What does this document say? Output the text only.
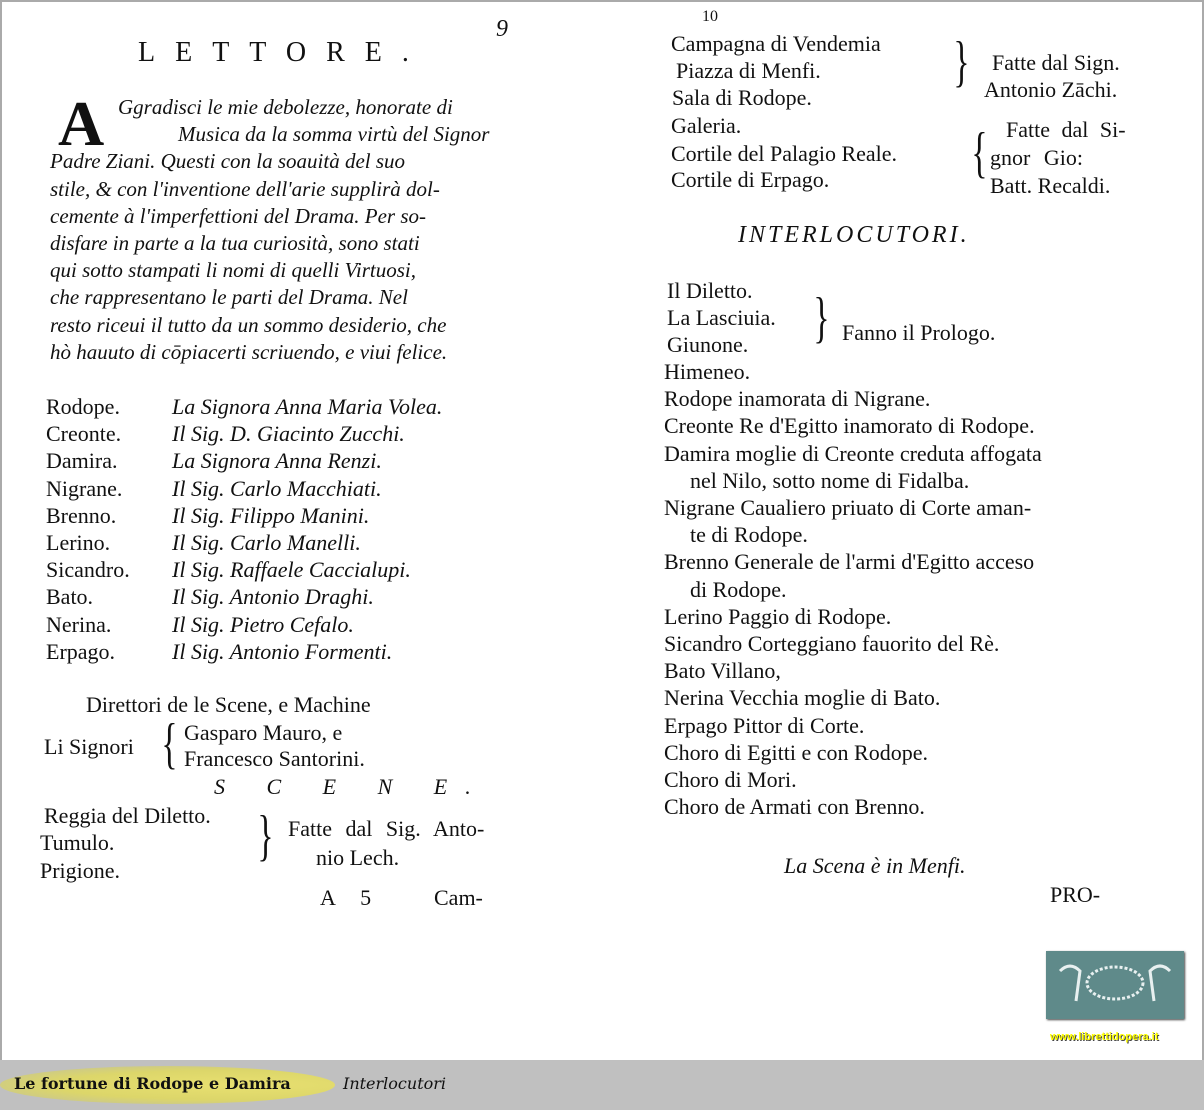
LETTORE.
9
A Ggradisci le mie debolezze, honorate di
Musica da la somma virtù del Signor
Padre Ziani. Questi con la soauità del suo
stile, & con l'inventione dell'arie supplirà dol-
cemente à l'imperfettioni del Drama. Per so-
disfare in parte a la tua curiosità, sono stati
qui sotto stampati li nomi di quelli Virtuosi,
che rappresentano le parti del Drama. Nel
resto riceui il tutto da un sommo desiderio, che
hò hauuto di cōpiacerti scriuendo, e viui felice.
Rodope. La Signora Anna Maria Volea.
Creonte. Il Sig. D. Giacinto Zucchi.
Damira. La Signora Anna Renzi.
Nigrane. Il Sig. Carlo Macchiati.
Brenno.	Il Sig. Filippo Manini.
Lerino.	Il Sig. Carlo Manelli.
Sicandro. Il Sig. Raffaele Caccialupi.
Bato.	Il Sig. Antonio Draghi.
Nerina.	Il Sig. Pietro Cefalo.
Erpago.	Il Sig. Antonio Formenti.
Direttori de le Scene, e Machine
Li Signori { Gasparo Mauro, e
Francesco Santorini.
S C E N E.
Reggia del Diletto.
Tumulo.
Prigione.
} Fatte dal Sig. Anto-
nio Lech.
A 5	Cam-
10
Campagna di Vendemia
Piazza di Menfi.
Sala di Rodope.
} Fatte dal Sign.
Antonio Zāchi.
Galeria.
Cortile del Palagio Reale.
Cortile di Erpago.	{ Fatte dal Si-
gnor Gio:
Batt. Recaldi.
INTERLOCUTORI.
Il Diletto.
La Lasciuia.
Giunone. } Fanno il Prologo.
Himeneo.
Rodope inamorata di Nigrane.
Creonte Re d'Egitto inamorato di Rodope.
Damira moglie di Creonte creduta affogata
nel Nilo, sotto nome di Fidalba.
Nigrane Caualiero priuato di Corte aman-
te di Rodope.
Brenno Generale de l'armi d'Egitto acceso
di Rodope.
Lerino Paggio di Rodope.
Sicandro Corteggiano fauorito del Rè.
Bato Villano,
Nerina Vecchia moglie di Bato.
Erpago Pittor di Corte.
Choro di Egitti e con Rodope.
Choro di Mori.
Choro de Armati con Brenno.
La Scena è in Menfi.
PRO-
www.librettidopera.it
Le fortune di Rodope e Damira	Interlocutori
